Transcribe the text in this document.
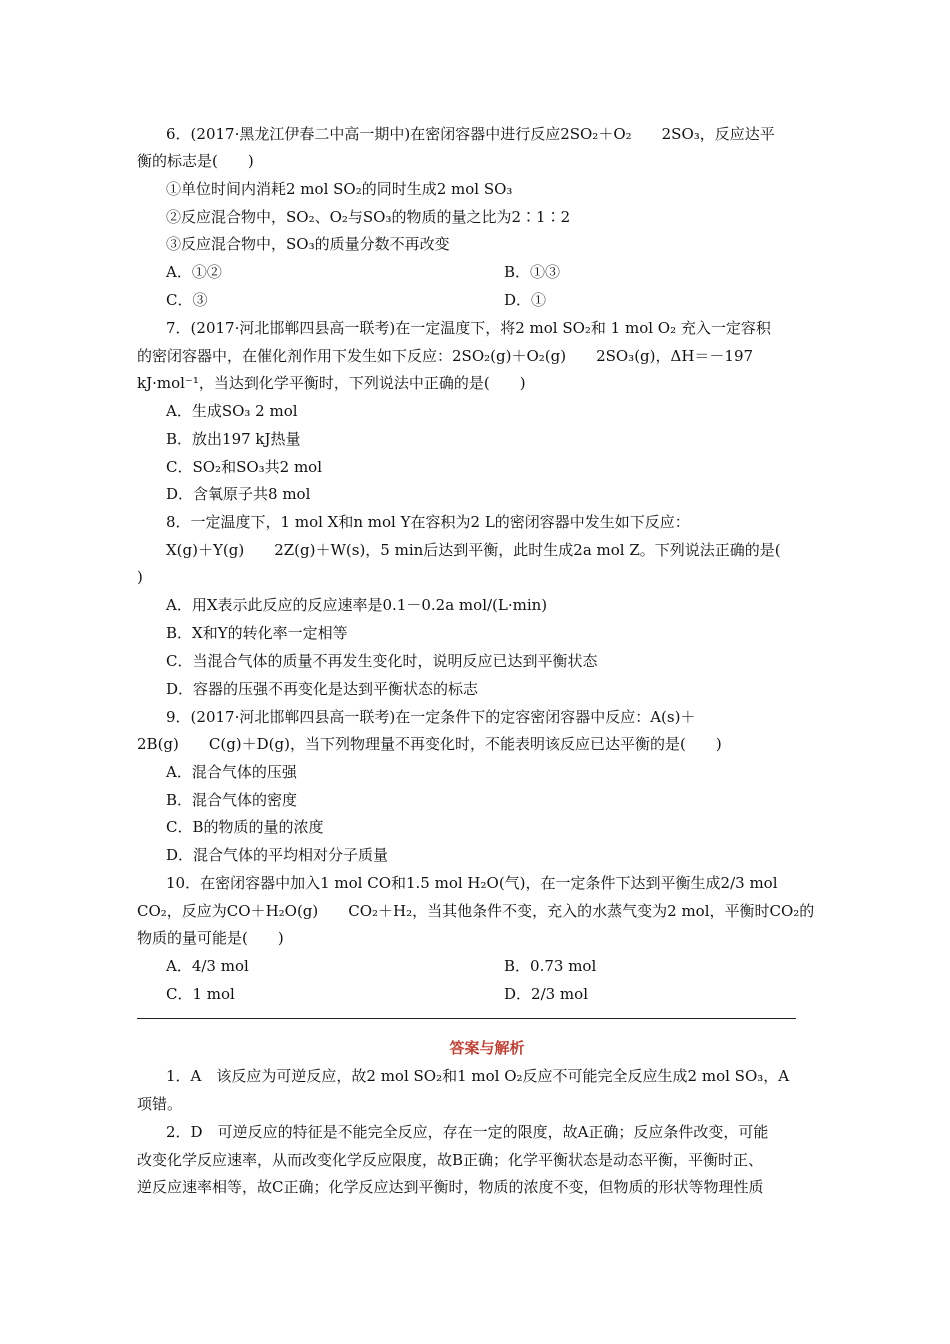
6．(2017·黑龙江伊春二中高一期中)在密闭容器中进行反应2SO₂＋O₂ 2SO₃，反应达平
衡的标志是(　　)
①单位时间内消耗2 mol SO₂的同时生成2 mol SO₃
②反应混合物中，SO₂、O₂与SO₃的物质的量之比为2∶1∶2
③反应混合物中，SO₃的质量分数不再改变
A．①②	B．①③
C．③	D．①
7．(2017·河北邯郸四县高一联考)在一定温度下，将2 mol SO₂和 1 mol O₂ 充入一定容积
的密闭容器中，在催化剂作用下发生如下反应：2SO₂(g)＋O₂(g) 2SO₃(g)，ΔH＝－197
kJ·mol⁻¹，当达到化学平衡时，下列说法中正确的是(　　)
A．生成SO₃ 2 mol
B．放出197 kJ热量
C．SO₂和SO₃共2 mol
D．含氧原子共8 mol
8．一定温度下，1 mol X和n mol Y在容积为2 L的密闭容器中发生如下反应：
X(g)＋Y(g) 2Z(g)＋W(s)，5 min后达到平衡，此时生成2a mol Z。下列说法正确的是(
)
A．用X表示此反应的反应速率是0.1－0.2a mol/(L·min)
B．X和Y的转化率一定相等
C．当混合气体的质量不再发生变化时，说明反应已达到平衡状态
D．容器的压强不再变化是达到平衡状态的标志
9．(2017·河北邯郸四县高一联考)在一定条件下的定容密闭容器中反应：A(s)＋
2B(g) C(g)＋D(g)，当下列物理量不再变化时，不能表明该反应已达平衡的是(　　)
A．混合气体的压强
B．混合气体的密度
C．B的物质的量的浓度
D．混合气体的平均相对分子质量
10．在密闭容器中加入1 mol CO和1.5 mol H₂O(气)，在一定条件下达到平衡生成2/3 mol
CO₂，反应为CO＋H₂O(g) CO₂＋H₂，当其他条件不变，充入的水蒸气变为2 mol，平衡时CO₂的
物质的量可能是(　　)
A．4/3 mol	B．0.73 mol
C．1 mol	D．2/3 mol
答案与解析
1．A　该反应为可逆反应，故2 mol SO₂和1 mol O₂反应不可能完全反应生成2 mol SO₃，A
项错。
2．D　可逆反应的特征是不能完全反应，存在一定的限度，故A正确；反应条件改变，可能
改变化学反应速率，从而改变化学反应限度，故B正确；化学平衡状态是动态平衡，平衡时正、
逆反应速率相等，故C正确；化学反应达到平衡时，物质的浓度不变，但物质的形状等物理性质
